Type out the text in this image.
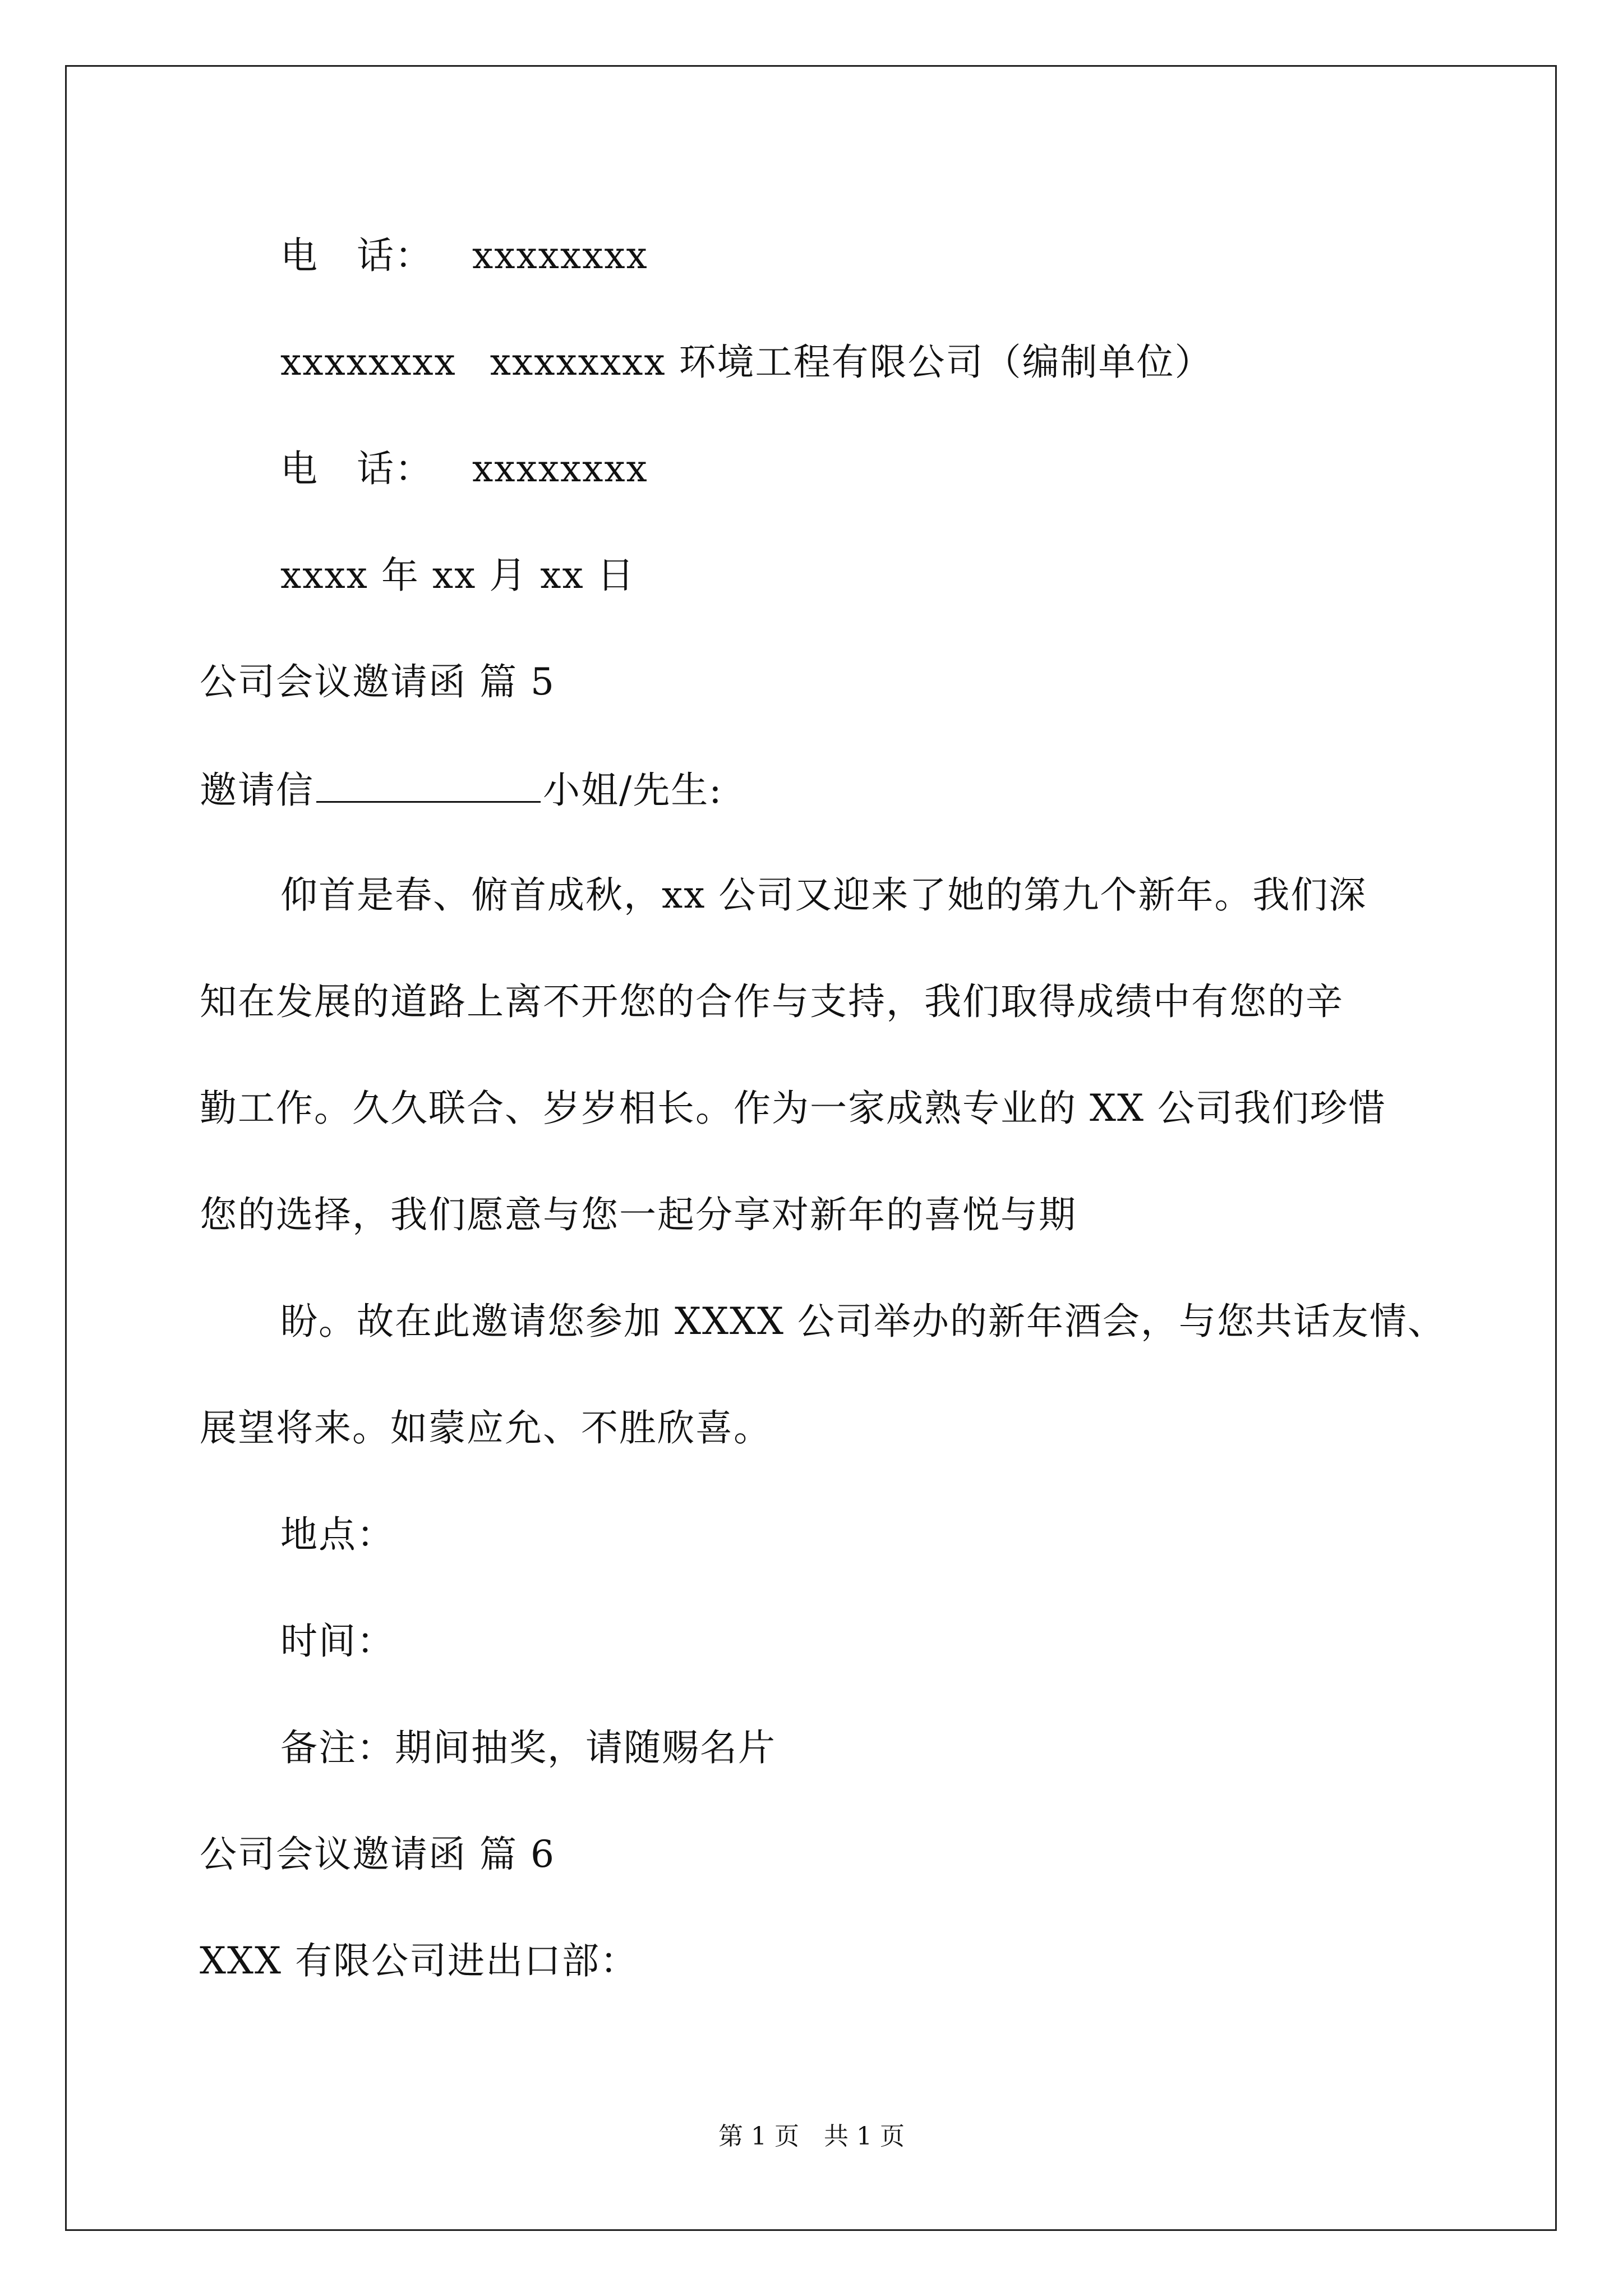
电　话： xxxxxxxx
xxxxxxxx xxxxxxxx 环境工程有限公司（编制单位）
电　话： xxxxxxxx
xxxx 年 xx 月 xx 日
公司会议邀请函 篇 5
邀请信	小姐/先生:
仰首是春、俯首成秋，xx 公司又迎来了她的第九个新年。我们深
知在发展的道路上离不开您的合作与支持，我们取得成绩中有您的辛
勤工作。久久联合、岁岁相长。作为一家成熟专业的 XX 公司我们珍惜
您的选择，我们愿意与您一起分享对新年的喜悦与期
盼。故在此邀请您参加 XXXX 公司举办的新年酒会，与您共话友情、
展望将来。如蒙应允、不胜欣喜。
地点：
时间：
备注：期间抽奖，请随赐名片
公司会议邀请函 篇 6
XXX 有限公司进出口部：
第 1 页　共 1 页
